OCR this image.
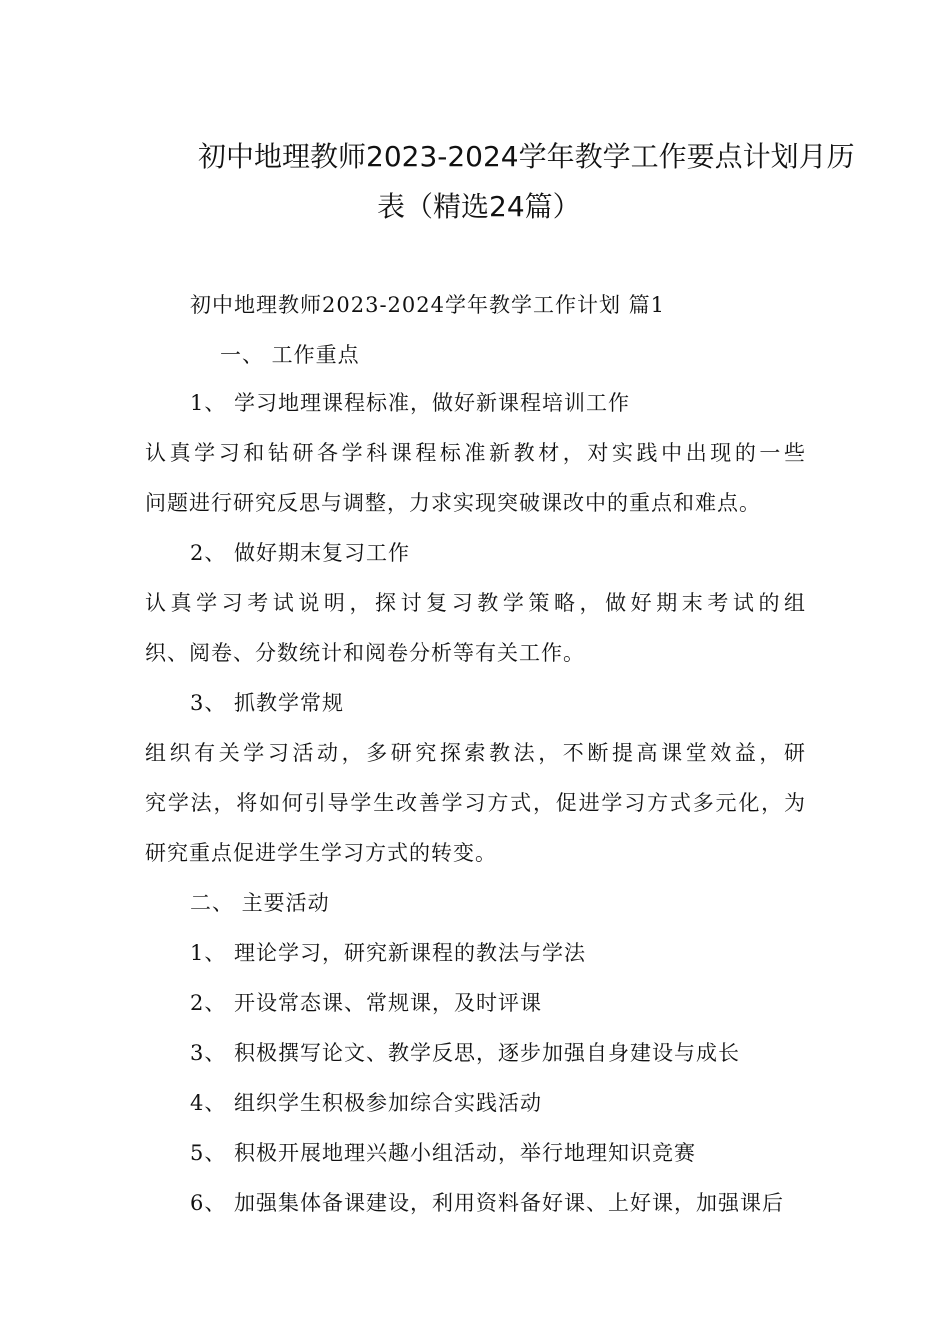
初中地理教师2023-2024学年教学工作要点计划月历
表（精选24篇）
初中地理教师2023-2024学年教学工作计划 篇1
一、 工作重点
1、 学习地理课程标准，做好新课程培训工作
认真学习和钻研各学科课程标准新教材，对实践中出现的一些
问题进行研究反思与调整，力求实现突破课改中的重点和难点。
2、 做好期末复习工作
认真学习考试说明，探讨复习教学策略，做好期末考试的组
织、阅卷、分数统计和阅卷分析等有关工作。
3、 抓教学常规
组织有关学习活动，多研究探索教法，不断提高课堂效益，研
究学法，将如何引导学生改善学习方式，促进学习方式多元化，为
研究重点促进学生学习方式的转变。
二、 主要活动
1、 理论学习，研究新课程的教法与学法
2、 开设常态课、常规课，及时评课
3、 积极撰写论文、教学反思，逐步加强自身建设与成长
4、 组织学生积极参加综合实践活动
5、 积极开展地理兴趣小组活动，举行地理知识竞赛
6、 加强集体备课建设，利用资料备好课、上好课，加强课后
